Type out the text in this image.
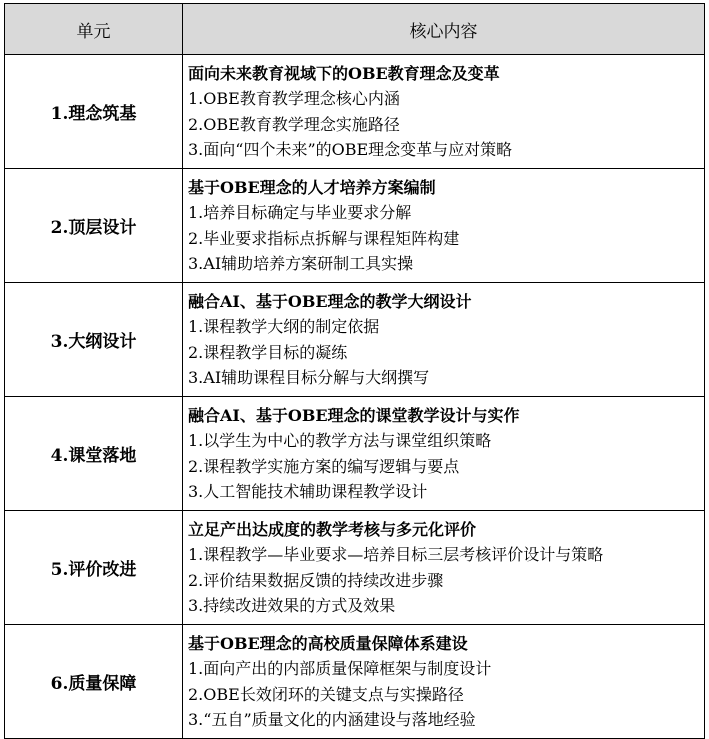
单元	核心内容
1.理念筑基	面向未来教育视域下的OBE教育理念及变革
1.OBE教育教学理念核心内涵
2.OBE教育教学理念实施路径
3.面向“四个未来”的OBE理念变革与应对策略

2.顶层设计	基于OBE理念的人才培养方案编制
1.培养目标确定与毕业要求分解
2.毕业要求指标点拆解与课程矩阵构建
3.AI辅助培养方案研制工具实操

3.大纲设计	融合AI、基于OBE理念的教学大纲设计
1.课程教学大纲的制定依据
2.课程教学目标的凝练
3.AI辅助课程目标分解与大纲撰写

4.课堂落地	融合AI、基于OBE理念的课堂教学设计与实作
1.以学生为中心的教学方法与课堂组织策略
2.课程教学实施方案的编写逻辑与要点
3.人工智能技术辅助课程教学设计

5.评价改进	立足产出达成度的教学考核与多元化评价
1.课程教学—毕业要求—培养目标三层考核评价设计与策略
2.评价结果数据反馈的持续改进步骤
3.持续改进效果的方式及效果

6.质量保障	基于OBE理念的高校质量保障体系建设
1.面向产出的内部质量保障框架与制度设计
2.OBE长效闭环的关键支点与实操路径
3.“五自”质量文化的内涵建设与落地经验
